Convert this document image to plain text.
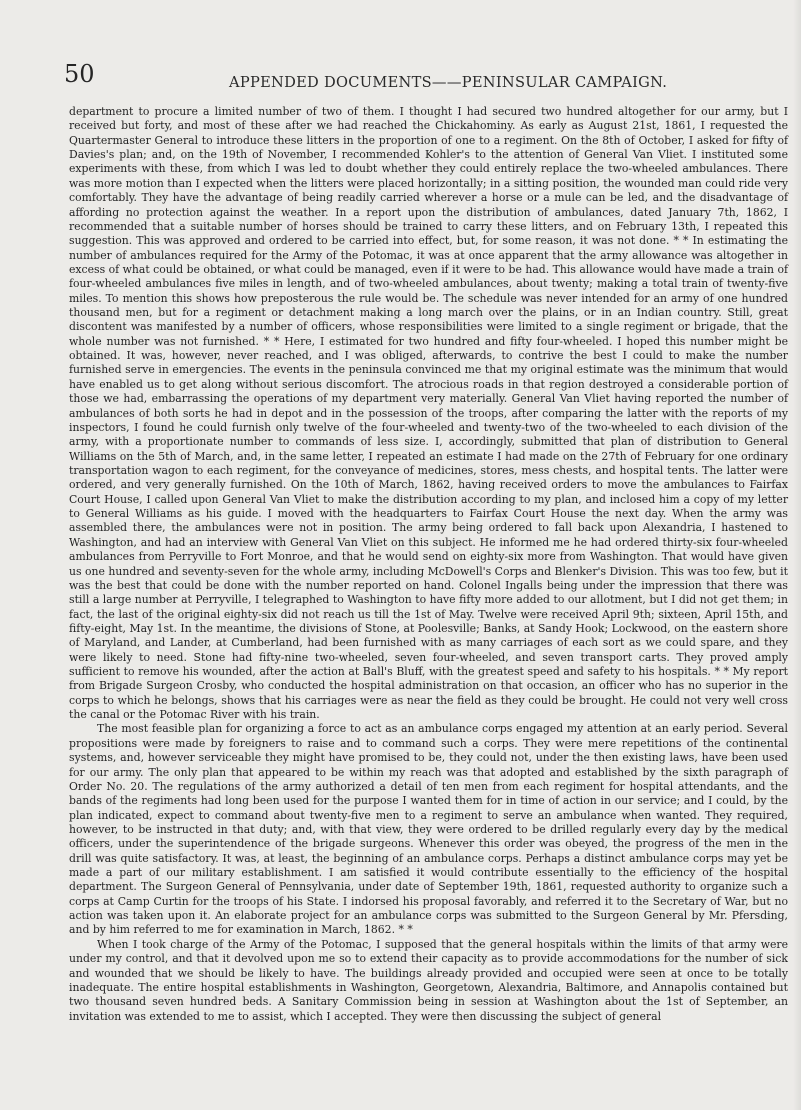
50	APPENDED DOCUMENTS——PENINSULAR CAMPAIGN.

department to procure a limited number of two of them. I thought I had secured two hundred altogether for our army, but I received but forty, and most of these after we had reached the Chickahominy. As early as August 21st, 1861, I requested the Quartermaster General to introduce these litters in the proportion of one to a regiment. On the 8th of October, I asked for fifty of Davies's plan; and, on the 19th of November, I recommended Kohler's to the attention of General Van Vliet. I instituted some experiments with these, from which I was led to doubt whether they could entirely replace the two-wheeled ambulances. There was more motion than I expected when the litters were placed horizontally; in a sitting position, the wounded man could ride very comfortably. They have the advantage of being readily carried wherever a horse or a mule can be led, and the disadvantage of affording no protection against the weather. In a report upon the distribution of ambulances, dated January 7th, 1862, I recommended that a suitable number of horses should be trained to carry these litters, and on February 13th, I repeated this suggestion. This was approved and ordered to be carried into effect, but, for some reason, it was not done. * * In estimating the number of ambulances required for the Army of the Potomac, it was at once apparent that the army allowance was altogether in excess of what could be obtained, or what could be managed, even if it were to be had. This allowance would have made a train of four-wheeled ambulances five miles in length, and of two-wheeled ambulances, about twenty; making a total train of twenty-five miles. To mention this shows how preposterous the rule would be. The schedule was never intended for an army of one hundred thousand men, but for a regiment or detachment making a long march over the plains, or in an Indian country. Still, great discontent was manifested by a number of officers, whose responsibilities were limited to a single regiment or brigade, that the whole number was not furnished. * * Here, I estimated for two hundred and fifty four-wheeled. I hoped this number might be obtained. It was, however, never reached, and I was obliged, afterwards, to contrive the best I could to make the number furnished serve in emergencies. The events in the peninsula convinced me that my original estimate was the minimum that would have enabled us to get along without serious discomfort. The atrocious roads in that region destroyed a considerable portion of those we had, embarrassing the operations of my department very materially. General Van Vliet having reported the number of ambulances of both sorts he had in depot and in the possession of the troops, after comparing the latter with the reports of my inspectors, I found he could furnish only twelve of the four-wheeled and twenty-two of the two-wheeled to each division of the army, with a proportionate number to commands of less size. I, accordingly, submitted that plan of distribution to General Williams on the 5th of March, and, in the same letter, I repeated an estimate I had made on the 27th of February for one ordinary transportation wagon to each regiment, for the conveyance of medicines, stores, mess chests, and hospital tents. The latter were ordered, and very generally furnished. On the 10th of March, 1862, having received orders to move the ambulances to Fairfax Court House, I called upon General Van Vliet to make the distribution according to my plan, and inclosed him a copy of my letter to General Williams as his guide. I moved with the headquarters to Fairfax Court House the next day. When the army was assembled there, the ambulances were not in position. The army being ordered to fall back upon Alexandria, I hastened to Washington, and had an interview with General Van Vliet on this subject. He informed me he had ordered thirty-six four-wheeled ambulances from Perryville to Fort Monroe, and that he would send on eighty-six more from Washington. That would have given us one hundred and seventy-seven for the whole army, including McDowell's Corps and Blenker's Division. This was too few, but it was the best that could be done with the number reported on hand. Colonel Ingalls being under the impression that there was still a large number at Perryville, I telegraphed to Washington to have fifty more added to our allotment, but I did not get them; in fact, the last of the original eighty-six did not reach us till the 1st of May. Twelve were received April 9th; sixteen, April 15th, and fifty-eight, May 1st. In the meantime, the divisions of Stone, at Poolesville; Banks, at Sandy Hook; Lockwood, on the eastern shore of Maryland, and Lander, at Cumberland, had been furnished with as many carriages of each sort as we could spare, and they were likely to need. Stone had fifty-nine two-wheeled, seven four-wheeled, and seven transport carts. They proved amply sufficient to remove his wounded, after the action at Ball's Bluff, with the greatest speed and safety to his hospitals. * * My report from Brigade Surgeon Crosby, who conducted the hospital administration on that occasion, an officer who has no superior in the corps to which he belongs, shows that his carriages were as near the field as they could be brought. He could not very well cross the canal or the Potomac River with his train.

The most feasible plan for organizing a force to act as an ambulance corps engaged my attention at an early period. Several propositions were made by foreigners to raise and to command such a corps. They were mere repetitions of the continental systems, and, however serviceable they might have promised to be, they could not, under the then existing laws, have been used for our army. The only plan that appeared to be within my reach was that adopted and established by the sixth paragraph of Order No. 20. The regulations of the army authorized a detail of ten men from each regiment for hospital attendants, and the bands of the regiments had long been used for the purpose I wanted them for in time of action in our service; and I could, by the plan indicated, expect to command about twenty-five men to a regiment to serve an ambulance when wanted. They required, however, to be instructed in that duty; and, with that view, they were ordered to be drilled regularly every day by the medical officers, under the superintendence of the brigade surgeons. Whenever this order was obeyed, the progress of the men in the drill was quite satisfactory. It was, at least, the beginning of an ambulance corps. Perhaps a distinct ambulance corps may yet be made a part of our military establishment. I am satisfied it would contribute essentially to the efficiency of the hospital department. The Surgeon General of Pennsylvania, under date of September 19th, 1861, requested authority to organize such a corps at Camp Curtin for the troops of his State. I indorsed his proposal favorably, and referred it to the Secretary of War, but no action was taken upon it. An elaborate project for an ambulance corps was submitted to the Surgeon General by Mr. Pfersding, and by him referred to me for examination in March, 1862. * *

When I took charge of the Army of the Potomac, I supposed that the general hospitals within the limits of that army were under my control, and that it devolved upon me so to extend their capacity as to provide accommodations for the number of sick and wounded that we should be likely to have. The buildings already provided and occupied were seen at once to be totally inadequate. The entire hospital establishments in Washington, Georgetown, Alexandria, Baltimore, and Annapolis contained but two thousand seven hundred beds. A Sanitary Commission being in session at Washington about the 1st of September, an invitation was extended to me to assist, which I accepted. They were then discussing the subject of general
